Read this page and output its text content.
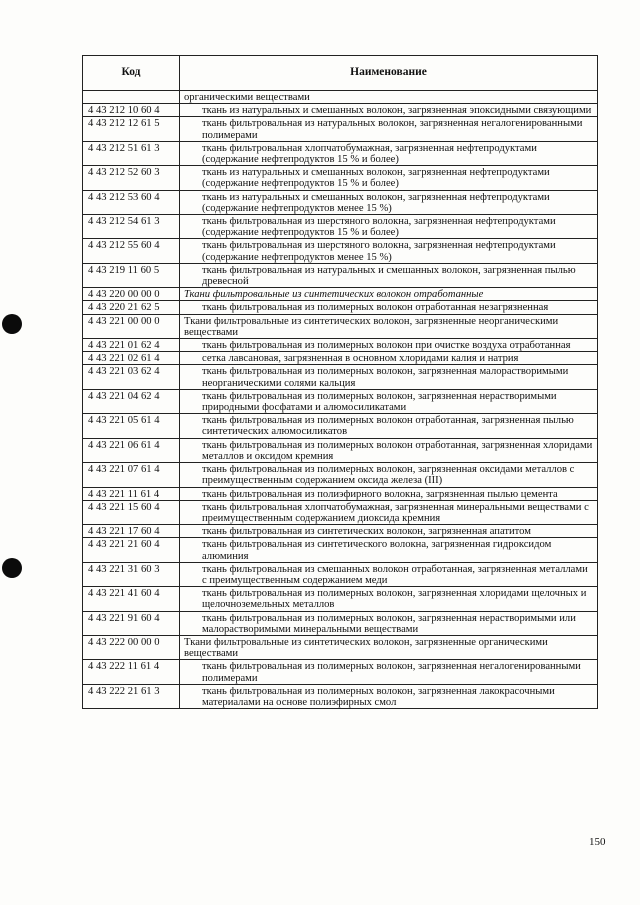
Код	Наименование
	органическими веществами
4 43 212 10 60 4	ткань из натуральных и смешанных волокон, загрязненная эпоксидными связующими

4 43 212 12 61 5	ткань фильтровальная из натуральных волокон, загрязненная негалогенированными полимерами

4 43 212 51 61 3	ткань фильтровальная хлопчатобумажная, загрязненная нефтепродуктами (содержание нефтепродуктов 15 % и более)

4 43 212 52 60 3	ткань из натуральных и смешанных волокон, загрязненная нефтепродуктами (содержание нефтепродуктов 15 % и более)

4 43 212 53 60 4	ткань из натуральных и смешанных волокон, загрязненная нефтепродуктами (содержание нефтепродуктов менее 15 %)

4 43 212 54 61 3	ткань фильтровальная из шерстяного волокна, загрязненная нефтепродуктами (содержание нефтепродуктов 15 % и более)

4 43 212 55 60 4	ткань фильтровальная из шерстяного волокна, загрязненная нефтепродуктами (содержание нефтепродуктов менее 15 %)

4 43 219 11 60 5	ткань фильтровальная из натуральных и смешанных волокон, загрязненная пылью древесной

4 43 220 00 00 0	Ткани фильтровальные из синтетических волокон отработанные

4 43 220 21 62 5	ткань фильтровальная из полимерных волокон отработанная незагрязненная

4 43 221 00 00 0	Ткани фильтровальные из синтетических волокон, загрязненные неорганическими веществами

4 43 221 01 62 4	ткань фильтровальная из полимерных волокон при очистке воздуха отработанная

4 43 221 02 61 4	сетка лавсановая, загрязненная в основном хлоридами калия и натрия

4 43 221 03 62 4	ткань фильтровальная из полимерных волокон, загрязненная малорастворимыми неорганическими солями кальция

4 43 221 04 62 4	ткань фильтровальная из полимерных волокон, загрязненная нерастворимыми природными фосфатами и алюмосиликатами

4 43 221 05 61 4	ткань фильтровальная из полимерных волокон отработанная, загрязненная пылью синтетических алюмосиликатов

4 43 221 06 61 4	ткань фильтровальная из полимерных волокон отработанная, загрязненная хлоридами металлов и оксидом кремния

4 43 221 07 61 4	ткань фильтровальная из полимерных волокон, загрязненная оксидами металлов с преимущественным содержанием оксида железа (III)

4 43 221 11 61 4	ткань фильтровальная из полиэфирного волокна, загрязненная пылью цемента

4 43 221 15 60 4	ткань фильтровальная хлопчатобумажная, загрязненная минеральными веществами с преимущественным содержанием диоксида кремния

4 43 221 17 60 4	ткань фильтровальная из синтетических волокон, загрязненная апатитом

4 43 221 21 60 4	ткань фильтровальная из синтетического волокна, загрязненная гидроксидом алюминия

4 43 221 31 60 3	ткань фильтровальная из смешанных волокон отработанная, загрязненная металлами с преимущественным содержанием меди

4 43 221 41 60 4	ткань фильтровальная из полимерных волокон, загрязненная хлоридами щелочных и щелочноземельных металлов

4 43 221 91 60 4	ткань фильтровальная из полимерных волокон, загрязненная нерастворимыми или малорастворимыми минеральными веществами

4 43 222 00 00 0	Ткани фильтровальные из синтетических волокон, загрязненные органическими веществами

4 43 222 11 61 4	ткань фильтровальная из полимерных волокон, загрязненная негалогенированными полимерами

4 43 222 21 61 3	ткань фильтровальная из полимерных волокон, загрязненная лакокрасочными материалами на основе полиэфирных смол
150
